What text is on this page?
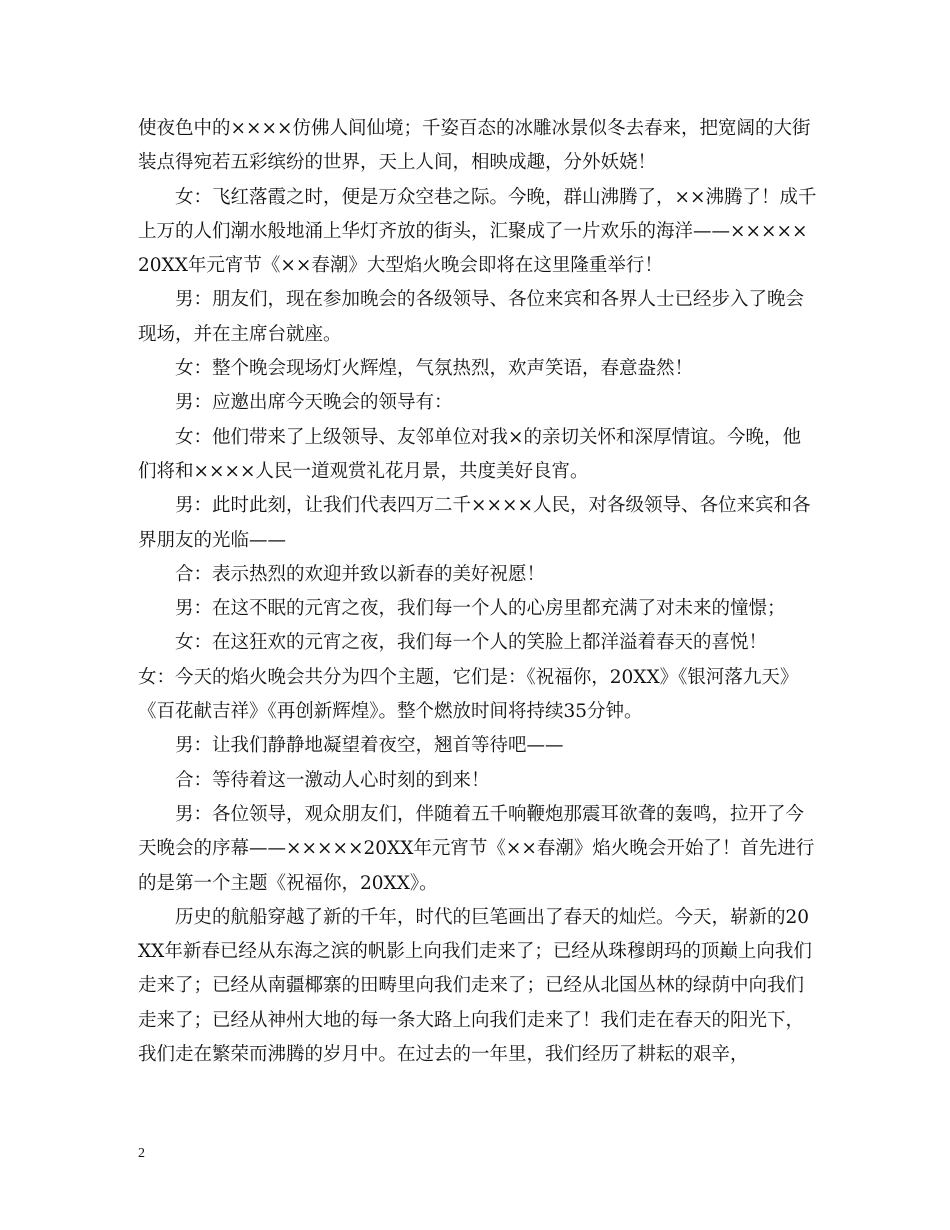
使夜色中的××××仿佛人间仙境；千姿百态的冰雕冰景似冬去春来，把宽阔的大街装点得宛若五彩缤纷的世界，天上人间，相映成趣，分外妖娆！

女：飞红落霞之时，便是万众空巷之际。今晚，群山沸腾了，××沸腾了！成千上万的人们潮水般地涌上华灯齐放的街头，汇聚成了一片欢乐的海洋——×××××20XX年元宵节《××春潮》大型焰火晚会即将在这里隆重举行！

男：朋友们，现在参加晚会的各级领导、各位来宾和各界人士已经步入了晚会现场，并在主席台就座。

女：整个晚会现场灯火辉煌，气氛热烈，欢声笑语，春意盎然！

男：应邀出席今天晚会的领导有：

女：他们带来了上级领导、友邻单位对我×的亲切关怀和深厚情谊。今晚，他们将和××××人民一道观赏礼花月景，共度美好良宵。

男：此时此刻，让我们代表四万二千××××人民，对各级领导、各位来宾和各界朋友的光临——

合：表示热烈的欢迎并致以新春的美好祝愿！

男：在这不眠的元宵之夜，我们每一个人的心房里都充满了对未来的憧憬；

女：在这狂欢的元宵之夜，我们每一个人的笑脸上都洋溢着春天的喜悦！

女：今天的焰火晚会共分为四个主题，它们是：《祝福你，20XX》《银河落九天》《百花献吉祥》《再创新辉煌》。整个燃放时间将持续35分钟。

男：让我们静静地凝望着夜空，翘首等待吧——

合：等待着这一激动人心时刻的到来！

男：各位领导，观众朋友们，伴随着五千响鞭炮那震耳欲聋的轰鸣，拉开了今天晚会的序幕——×××××20XX年元宵节《××春潮》焰火晚会开始了！首先进行的是第一个主题《祝福你，20XX》。

历史的航船穿越了新的千年，时代的巨笔画出了春天的灿烂。今天，崭新的20XX年新春已经从东海之滨的帆影上向我们走来了；已经从珠穆朗玛的顶巅上向我们走来了；已经从南疆椰寨的田畴里向我们走来了；已经从北国丛林的绿荫中向我们走来了；已经从神州大地的每一条大路上向我们走来了！我们走在春天的阳光下，我们走在繁荣而沸腾的岁月中。在过去的一年里，我们经历了耕耘的艰辛，

2
